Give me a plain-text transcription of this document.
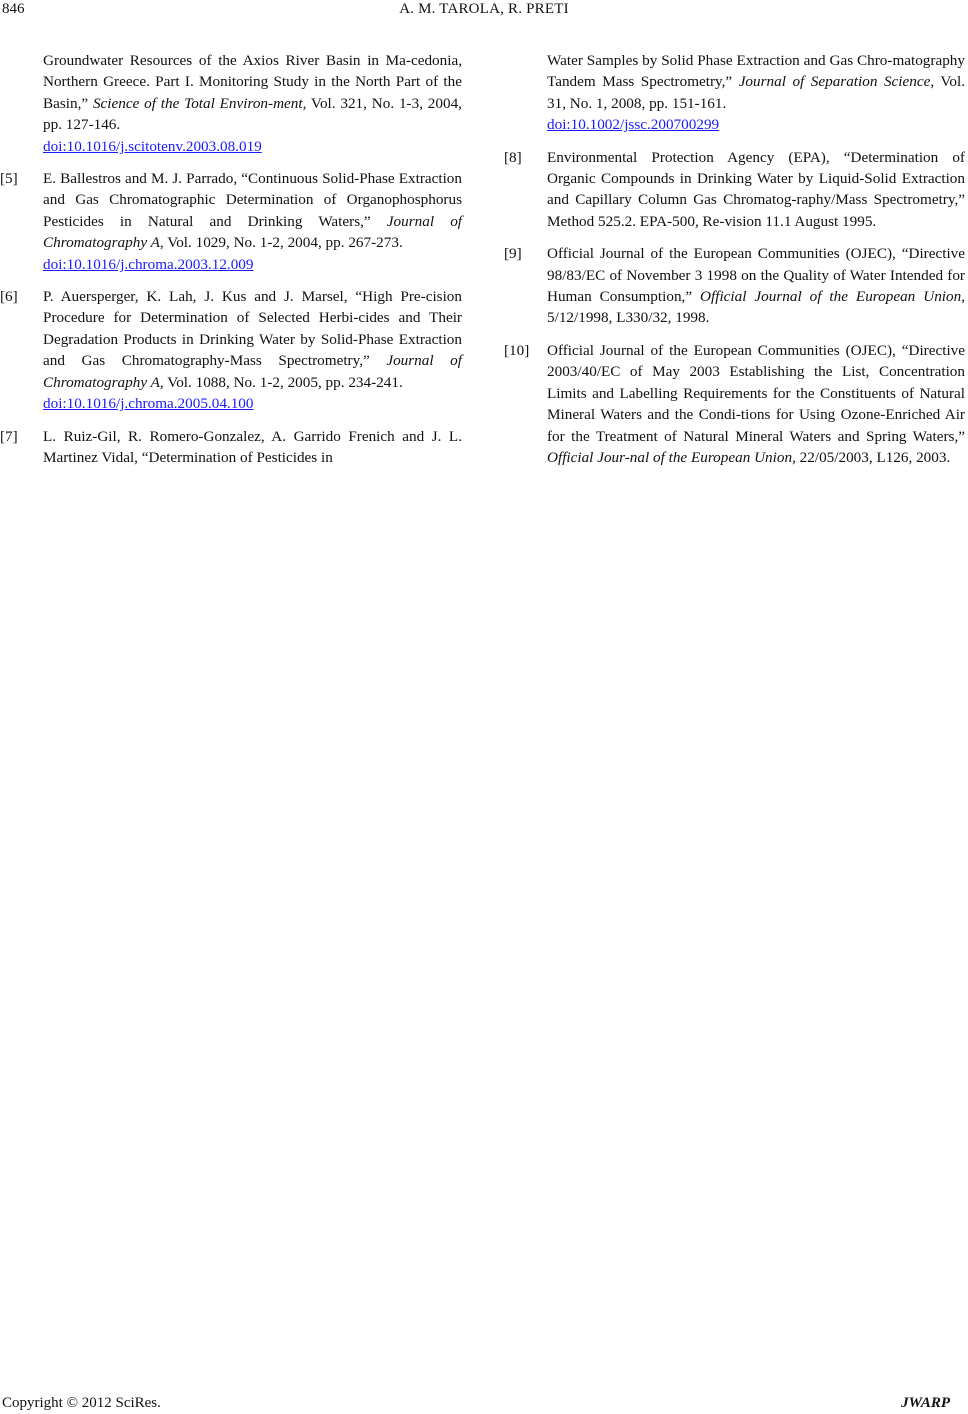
846	A. M. TAROLA, R. PRETI
Groundwater Resources of the Axios River Basin in Ma-cedonia, Northern Greece. Part I. Monitoring Study in the North Part of the Basin,” Science of the Total Environ-ment, Vol. 321, No. 1-3, 2004, pp. 127-146.
doi:10.1016/j.scitotenv.2003.08.019
[5] E. Ballestros and M. J. Parrado, “Continuous Solid-Phase Extraction and Gas Chromatographic Determination of Organophosphorus Pesticides in Natural and Drinking Waters,” Journal of Chromatography A, Vol. 1029, No. 1-2, 2004, pp. 267-273.
doi:10.1016/j.chroma.2003.12.009
[6] P. Auersperger, K. Lah, J. Kus and J. Marsel, “High Pre-cision Procedure for Determination of Selected Herbi-cides and Their Degradation Products in Drinking Water by Solid-Phase Extraction and Gas Chromatography-Mass Spectrometry,” Journal of Chromatography A, Vol. 1088, No. 1-2, 2005, pp. 234-241.
doi:10.1016/j.chroma.2005.04.100
[7] L. Ruiz-Gil, R. Romero-Gonzalez, A. Garrido Frenich and J. L. Martinez Vidal, “Determination of Pesticides in
Water Samples by Solid Phase Extraction and Gas Chro-matography Tandem Mass Spectrometry,” Journal of Separation Science, Vol. 31, No. 1, 2008, pp. 151-161.
doi:10.1002/jssc.200700299
[8] Environmental Protection Agency (EPA), “Determination of Organic Compounds in Drinking Water by Liquid-Solid Extraction and Capillary Column Gas Chromatog-raphy/Mass Spectrometry,” Method 525.2. EPA-500, Re-vision 11.1 August 1995.
[9] Official Journal of the European Communities (OJEC), “Directive 98/83/EC of November 3 1998 on the Quality of Water Intended for Human Consumption,” Official Journal of the European Union, 5/12/1998, L330/32, 1998.
[10] Official Journal of the European Communities (OJEC), “Directive 2003/40/EC of May 2003 Establishing the List, Concentration Limits and Labelling Requirements for the Constituents of Natural Mineral Waters and the Condi-tions for Using Ozone-Enriched Air for the Treatment of Natural Mineral Waters and Spring Waters,” Official Jour-nal of the European Union, 22/05/2003, L126, 2003.
Copyright © 2012 SciRes.	JWARP
